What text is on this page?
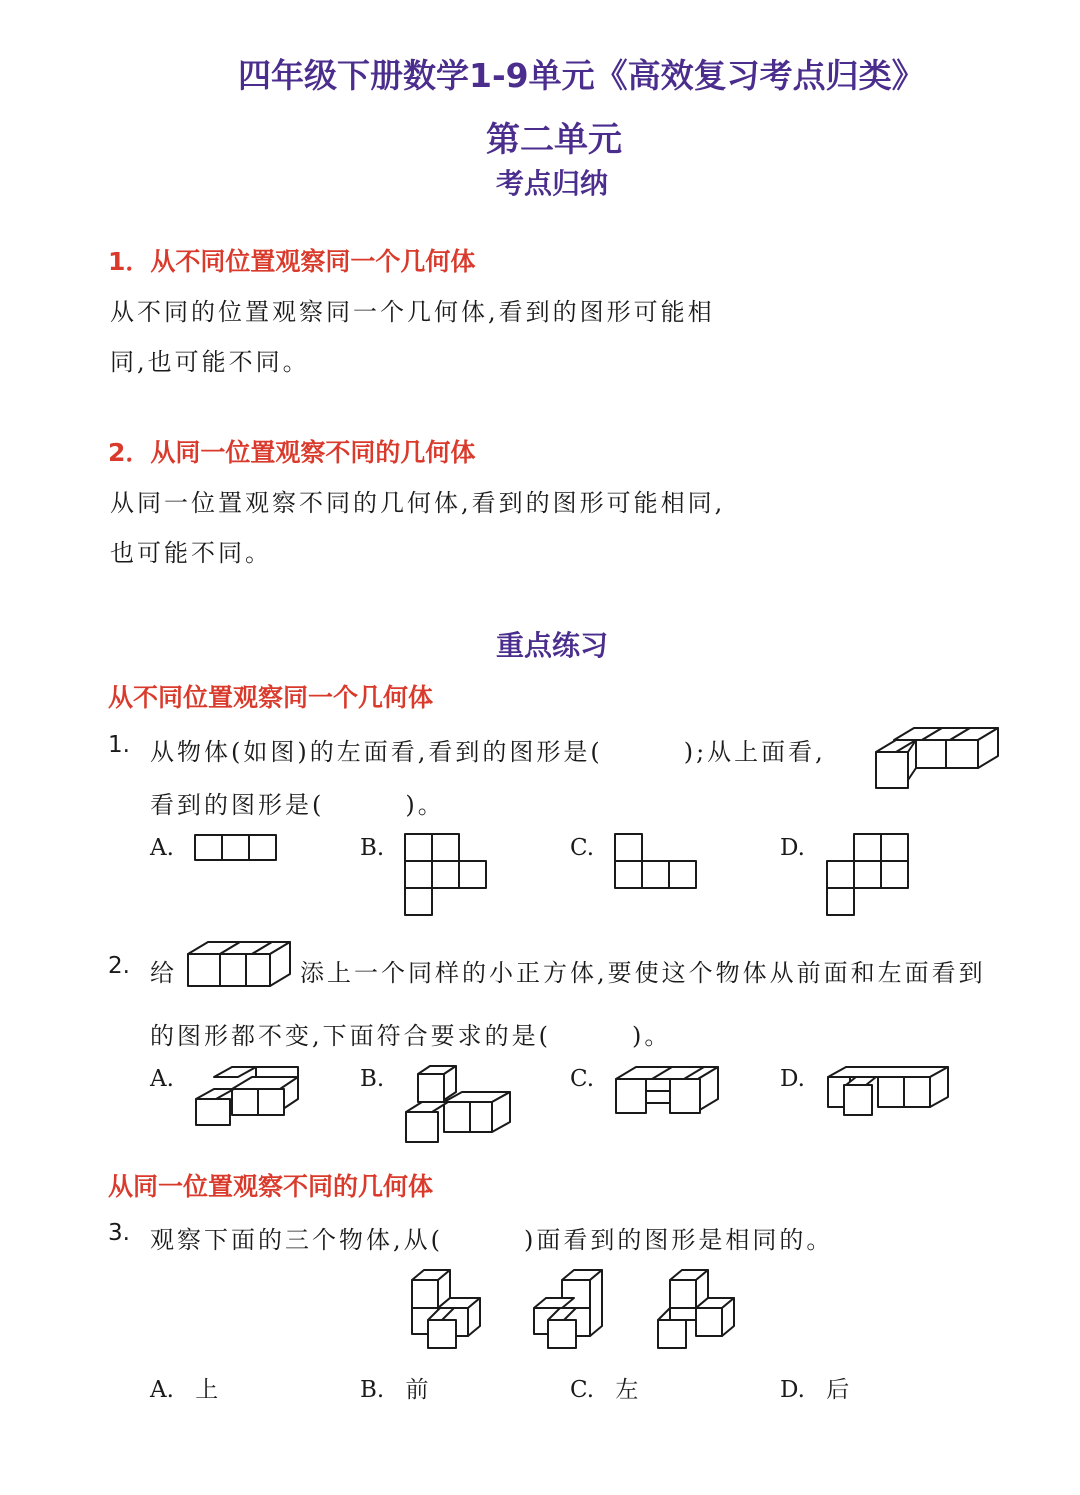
四年级下册数学1-9单元《高效复习考点归类》
第二单元
考点归纳
1．从不同位置观察同一个几何体
从不同的位置观察同一个几何体,看到的图形可能相
同,也可能不同。
2．从同一位置观察不同的几何体
从同一位置观察不同的几何体,看到的图形可能相同,
也可能不同。
重点练习
从不同位置观察同一个几何体
1. 从物体(如图)的左面看,看到的图形是(　　　);从上面看,
看到的图形是(　　　)。
A.	B.	C.	D.
2. 给	添上一个同样的小正方体,要使这个物体从前面和左面看到
的图形都不变,下面符合要求的是(　　　)。
A.	B.	C.	D.
从同一位置观察不同的几何体
3. 观察下面的三个物体,从(　　　)面看到的图形是相同的。
A. 上	B. 前	C. 左	D. 后
